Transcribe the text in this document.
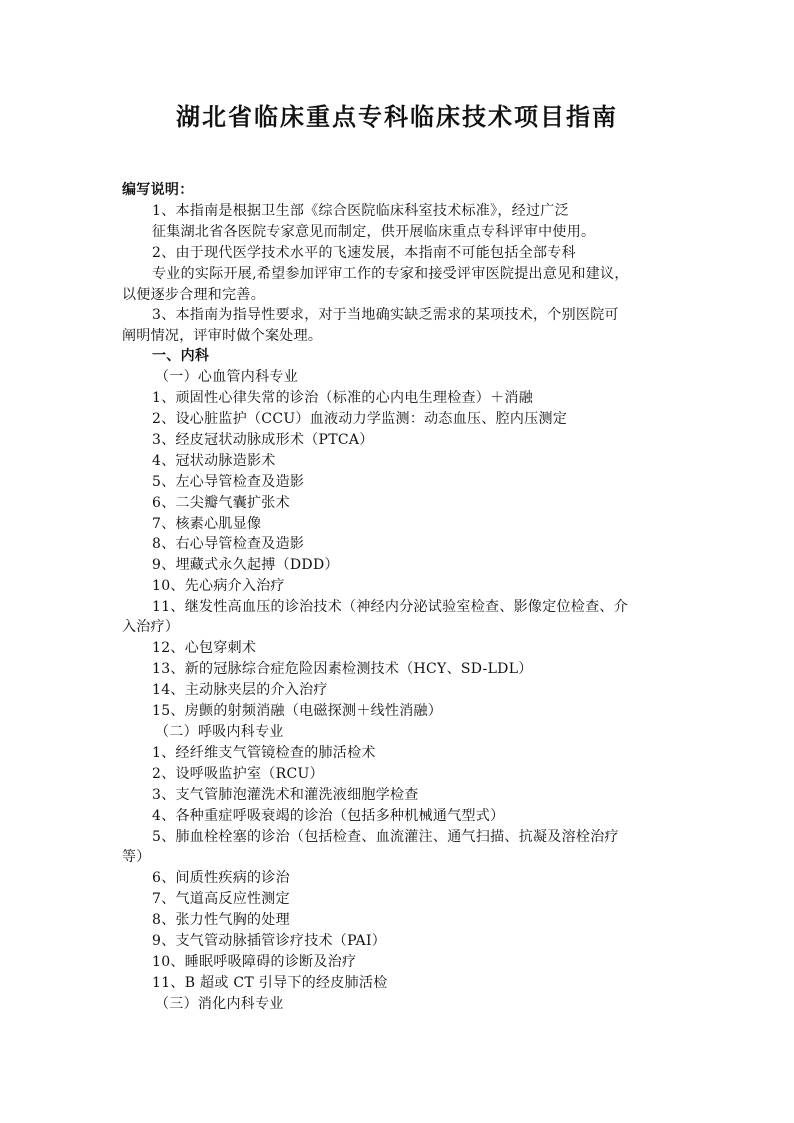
湖北省临床重点专科临床技术项目指南
编写说明：
1、本指南是根据卫生部《综合医院临床科室技术标准》，经过广泛
征集湖北省各医院专家意见而制定，供开展临床重点专科评审中使用。
2、由于现代医学技术水平的飞速发展，本指南不可能包括全部专科
专业的实际开展,希望参加评审工作的专家和接受评审医院提出意见和建议，
以便逐步合理和完善。
3、本指南为指导性要求，对于当地确实缺乏需求的某项技术，个别医院可
阐明情况，评审时做个案处理。
一、内科
（一）心血管内科专业
1、顽固性心律失常的诊治（标准的心内电生理检查）＋消融
2、设心脏监护（CCU）血液动力学监测：动态血压、腔内压测定
3、经皮冠状动脉成形术（PTCA）
4、冠状动脉造影术
5、左心导管检查及造影
6、二尖瓣气囊扩张术
7、核素心肌显像
8、右心导管检查及造影
9、埋藏式永久起搏（DDD）
10、先心病介入治疗
11、继发性高血压的诊治技术（神经内分泌试验室检查、影像定位检查、介
入治疗）
12、心包穿刺术
13、新的冠脉综合症危险因素检测技术（HCY、SD-LDL）
14、主动脉夹层的介入治疗
15、房颤的射频消融（电磁探测＋线性消融）
（二）呼吸内科专业
1、经纤维支气管镜检查的肺活检术
2、设呼吸监护室（RCU）
3、支气管肺泡灌洗术和灌洗液细胞学检查
4、各种重症呼吸衰竭的诊治（包括多种机械通气型式）
5、肺血栓栓塞的诊治（包括检查、血流灌注、通气扫描、抗凝及溶栓治疗
等）
6、间质性疾病的诊治
7、气道高反应性测定
8、张力性气胸的处理
9、支气管动脉插管诊疗技术（PAI）
10、睡眠呼吸障碍的诊断及治疗
11、B 超或 CT 引导下的经皮肺活检
（三）消化内科专业
